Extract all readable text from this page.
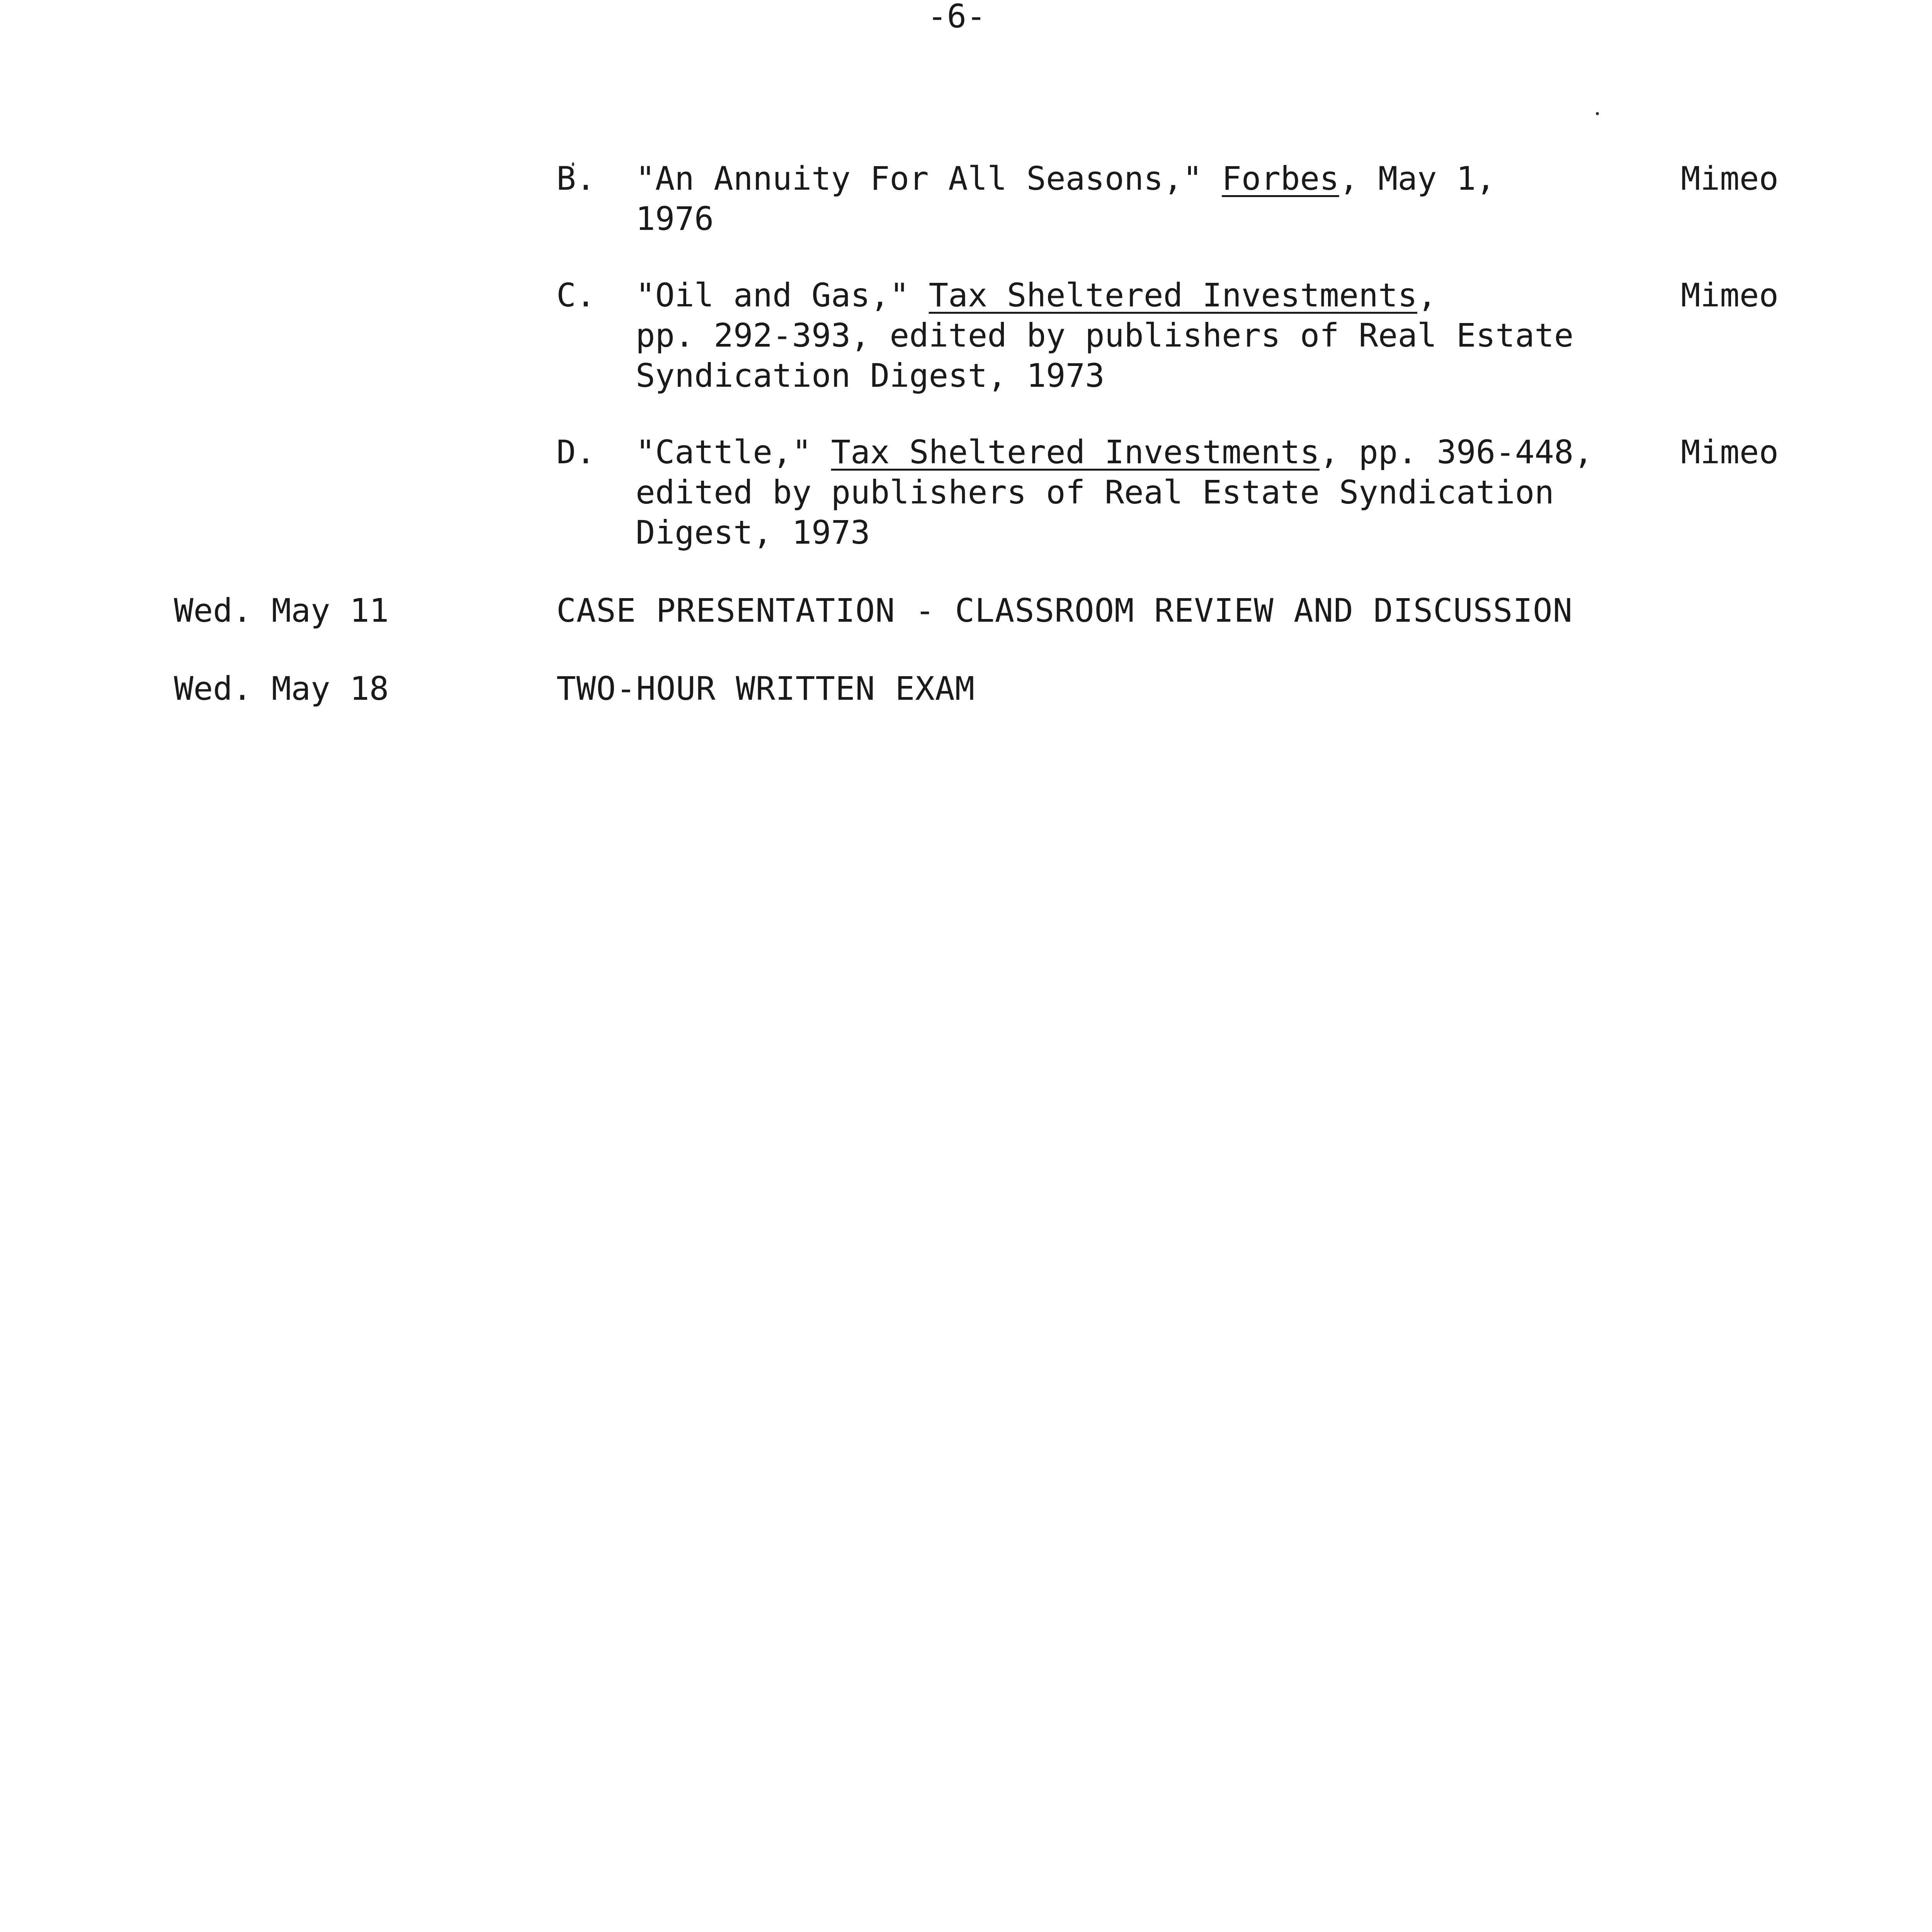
-6-
B. "An Annuity For All Seasons," Forbes, May 1,
1976
Mimeo
C. "Oil and Gas," Tax Sheltered Investments,
pp. 292-393, edited by publishers of Real Estate
Syndication Digest, 1973
Mimeo
D. "Cattle," Tax Sheltered Investments, pp. 396-448,
edited by publishers of Real Estate Syndication
Digest, 1973
Mimeo
Wed. May 11	CASE PRESENTATION - CLASSROOM REVIEW AND DISCUSSION
Wed. May 18	TWO-HOUR WRITTEN EXAM
